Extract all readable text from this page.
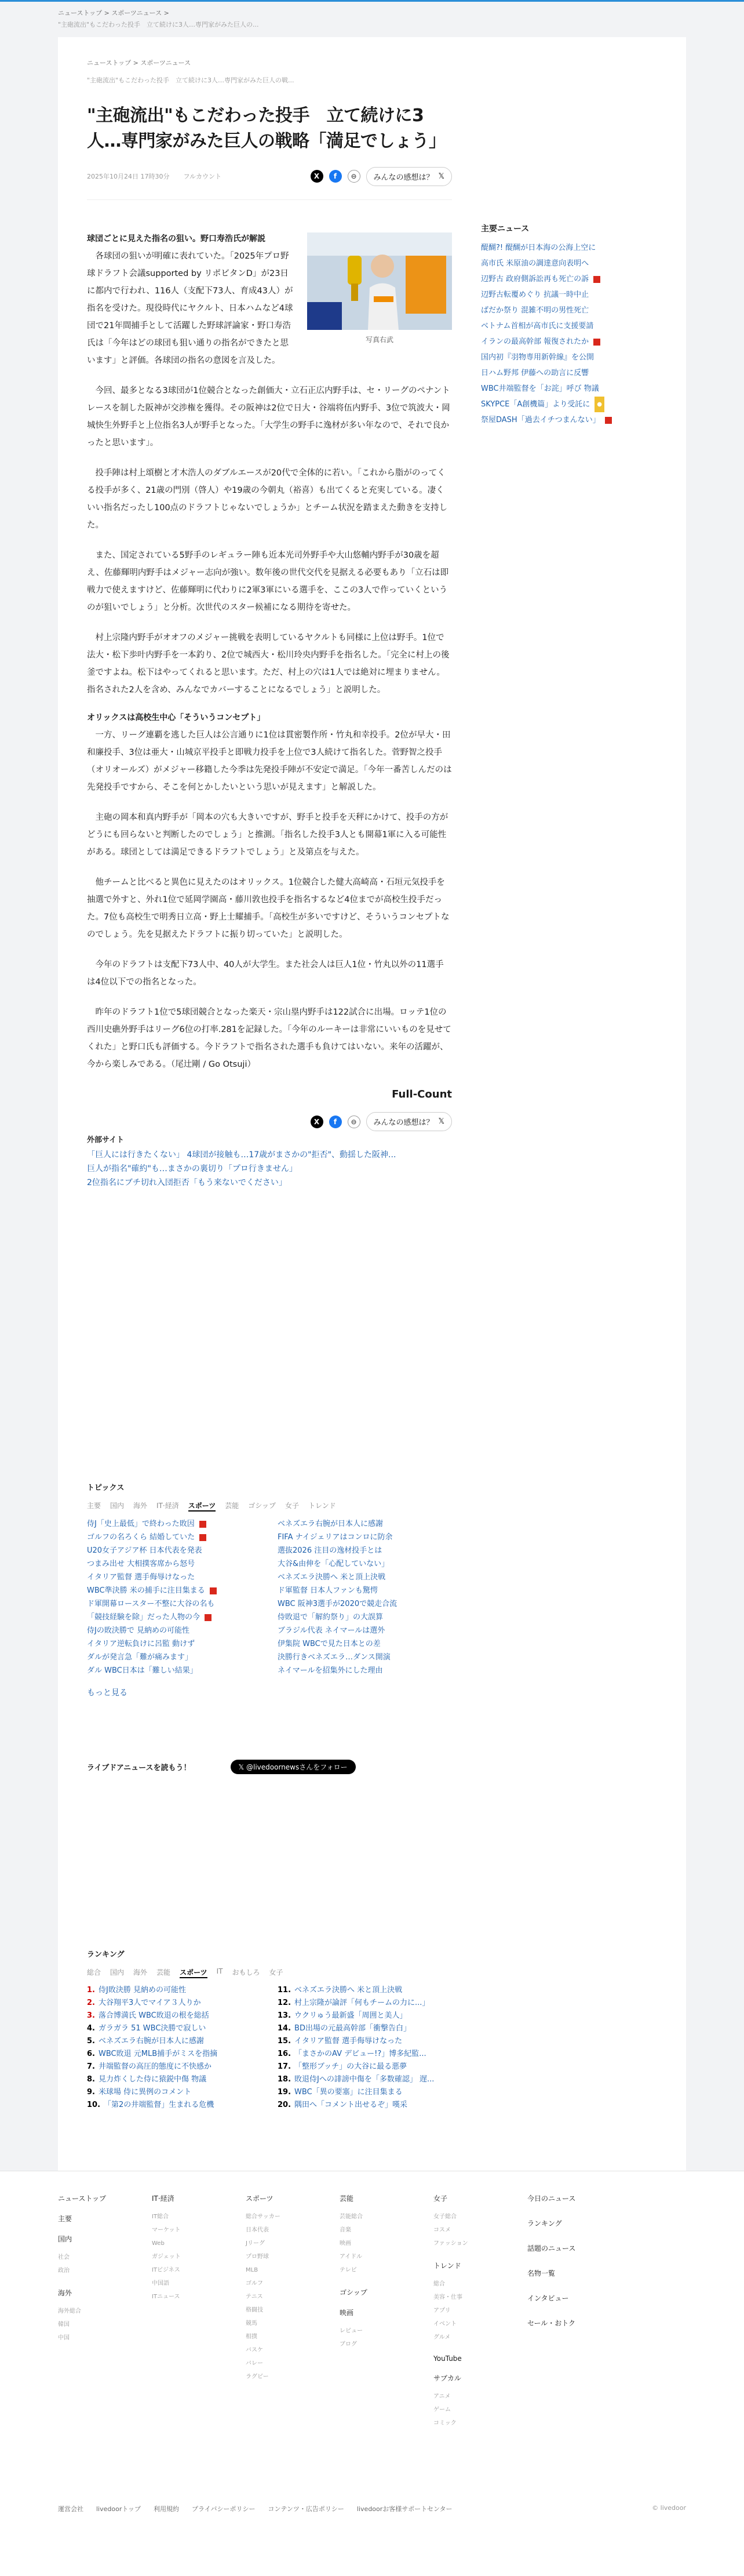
ニューストップ > スポーツニュース >
"主砲流出"もこだわった投手　立て続けに3人…専門家がみた巨人の...
ニューストップ > スポーツニュース
"主砲流出"もこだわった投手　立て続けに3人…専門家がみた巨人の戦...
"主砲流出"もこだわった投手　立て続けに3人…専門家がみた巨人の戦略「満足でしょう」
2025年10月24日 17時30分 フルカウント	X	f	⊖	みんなの感想は？ 𝕏
写真右武
球団ごとに見えた指名の狙い。野口寿浩氏が解説

　各球団の狙いが明確に表れていた。「2025年プロ野球ドラフト会議supported by リポビタンD」が23日に都内で行われ、116人（支配下73人、育成43人）が指名を受けた。現役時代にヤクルト、日本ハムなど4球団で21年間捕手として活躍した野球評論家・野口寿浩氏は「今年はどの球団も狙い通りの指名ができたと思います」と評価。各球団の指名の意図を言及した。

　今回、最多となる3球団が1位競合となった創価大・立石正広内野手は、セ・リーグのペナントレースを制した阪神が交渉権を獲得。その阪神は2位で日大・谷端将伍内野手、3位で筑波大・岡城快生外野手と上位指名3人が野手となった。「大学生の野手に逸材が多い年なので、それで良かったと思います」。

　投手陣は村上頌樹と才木浩人のダブルエースが20代で全体的に若い。「これから脂がのってくる投手が多く、21歳の門別（啓人）や19歳の今朝丸（裕喜）も出てくると充実している。凄くいい指名だったし100点のドラフトじゃないでしょうか」とチーム状況を踏まえた動きを支持した。

　また、国定されている5野手のレギュラー陣も近本光司外野手や大山悠輔内野手が30歳を超え、佐藤輝明内野手はメジャー志向が強い。数年後の世代交代を見据える必要もあり「立石は即戦力で使えますけど、佐藤輝明に代わりに2軍3軍にいる選手を、ここの3人で作っていくというのが狙いでしょう」と分析。次世代のスター候補になる期待を寄せた。

　村上宗隆内野手がオオフのメジャー挑戦を表明しているヤクルトも同様に上位は野手。1位で法大・松下歩叶内野手を一本釣り、2位で城西大・松川玲央内野手を指名した。「完全に村上の後釜ですよね。松下はやってくれると思います。ただ、村上の穴は1人では絶対に埋まりません。指名された2人を含め、みんなでカバーすることになるでしょう」と説明した。

オリックスは高校生中心「そういうコンセプト」

　一方、リーグ連覇を逃した巨人は公言通りに1位は貫密製作所・竹丸和幸投手。2位が早大・田和廉投手、3位は亜大・山城京平投手と即戦力投手を上位で3人続けて指名した。菅野智之投手（オリオールズ）がメジャー移籍した今季は先発投手陣が不安定で満足。「今年一番苦しんだのは先発投手ですから、そこを何とかしたいという思いが見えます」と解説した。

　主砲の岡本和真内野手が「岡本の穴も大きいですが、野手と投手を天秤にかけて、投手の方がどうにも回らないと判断したのでしょう」と推測。「指名した投手3人とも開幕1軍に入る可能性がある。球団としては満足できるドラフトでしょう」と及第点を与えた。

　他チームと比べると異色に見えたのはオリックス。1位競合した健大高崎高・石垣元気投手を抽選で外すと、外れ1位で延岡学園高・藤川敦也投手を指名するなど4位までが高校生投手だった。7位も高校生で明秀日立高・野上士耀捕手。「高校生が多いですけど、そういうコンセプトなのでしょう。先を見据えたドラフトに振り切っていた」と説明した。

　今年のドラフトは支配下73人中、40人が大学生。また社会人は巨人1位・竹丸以外の11選手は4位以下での指名となった。

　昨年のドラフト1位で5球団競合となった楽天・宗山塁内野手は122試合に出場。ロッテ1位の西川史礁外野手はリーグ6位の打率.281を記録した。「今年のルーキーは非常にいいものを見せてくれた」と野口氏も評価する。今ドラフトで指名された選手も負けてはいない。来年の活躍が、今から楽しみである。（尾辻剛 / Go Otsuji）

Full-Count
X	f	⊖	みんなの感想は？ 𝕏
外部サイト
「巨人には行きたくない」 4球団が接触も…17歳がまさかの"拒否"、動揺した阪神...
巨人が指名"確約"も…まさかの裏切り「プロ行きません」
2位指名にブチ切れ入団拒否「もう来ないでください」
主要ニュース
醍醐?! 醍醐が日本海の公海上空に
高市氏 米原油の調達意向表明へ
辺野古 政府側訴訟再も死亡の訴
辺野古転覆めぐり 抗議一時中止
ばだか祭り 混雑不明の男性死亡
ベトナム首相が高市氏に支援要請
イランの最高幹部 報復されたか
国内初『羽物専用新幹線』を公開
日ハム野邦 伊藤への助言に反響
WBC井端監督を「お詫」呼び 物議
SKYPCE「A創機篇」より受託に ●
祭屋DASH「過去イチつまんない」
トピックス
主要 国内 海外 IT·経済 スポーツ 芸能 ゴシップ 女子 トレンド
侍J「史上最低」で終わった敗因
ゴルフの名ろくら 結婚していた
U20女子アジア杯 日本代表を発表
つまみ出せ 大相撲客席から怒号
イタリア監督 選手侮辱けなった
WBC準決勝 米の捕手に注目集まる
ド軍開幕ロースター不整に大谷の名も
「競技経験を除」だった人物の今
侍Jの敗決勝で 見納めの可能性
イタリア逆転負けに呂監 動けず
ダルが発言急「難が痛みます」
ダル WBC日本は「難しい結果」
ベネズエラ右腕が日本人に感謝
FIFA ナイジェリアはコンロに防余
選抜2026 注目の逸材投手とは
大谷&由伸を「心配していない」
ベネズエラ決勝へ 米と頂上決戦
ド軍監督 日本人ファンも驚愕
WBC 阪神3選手が2020で競走合流
侍敗退で「解約祭り」の大誤算
ブラジル代表 ネイマールは選外
伊集院 WBCで見た日本との差
決勝行きベネズエラ…ダンス開演
ネイマールを招集外にした理由
もっと見る
ライブドアニュースを読もう！	𝕏 @livedoornewsさんをフォロー
ランキング
総合 国内 海外 芸能 スポーツ IT おもしろ 女子
1. 侍J敗決勝 見納めの可能性
2. 大谷翔平3人でマイア３人りか
3. 落合博満氏 WBC敗退の根を総括
4. ガラガラ 51 WBC決勝で寂しい
5. ベネズエラ右腕が日本人に感謝
6. WBC敗退 元MLB捕手がミスを指摘
7. 井端監督の高圧的態度に不快感か
8. 見力炸くした侍に猿鋭中傷 物議
9. 米球場 侍に異例のコメント
10. 「第2の井端監督」生まれる危機
11. ベネズエラ決勝へ 米と頂上決戦
12. 村上宗隆が論評「何もチームの力に...」
13. ウクリゅう最新盛「周囲と美人」
14. BD出場の元最高幹部「衝撃告白」
15. イタリア監督 選手侮辱けなった
16. 「まさかのAV デビュー!?」博多紀監...
17. 「整形ブッチ」の大谷に最る悪夢
18. 敗退侍Jへの誹謗中傷を「多数確認」 遅...
19. WBC「異の要塞」に注目集まる
20. 隅田へ「コメント出せるぞ」嘆采
ニューストップ
主要
国内
社会
政治
海外
海外総合
韓国
中国
IT·経済
IT総合
マーケット
Web
ガジェット
ITビジネス
中国語
ITニュース
スポーツ
総合サッカー
日本代表
Jリーグ
プロ野球
MLB
ゴルフ
テニス
格闘技
競馬
相撲
バスケ
バレー
ラグビー
芸能
芸能総合
音楽
映画
アイドル
テレビ
ゴシップ
映画
レビュー
ブログ
女子
女子総合
コスメ
ファッション
トレンド
総合
美容・仕事
アプリ
イベント
グルメ
YouTube
サブカル
アニメ
ゲーム
コミック
今日のニュース
ランキング
話題のニュース
名物一覧
インタビュー
セール・おトク
運営会社 livedoorトップ 利用規約 プライバシーポリシー コンテンツ・広告ポリシー livedoorお客様サポートセンター	© livedoor
